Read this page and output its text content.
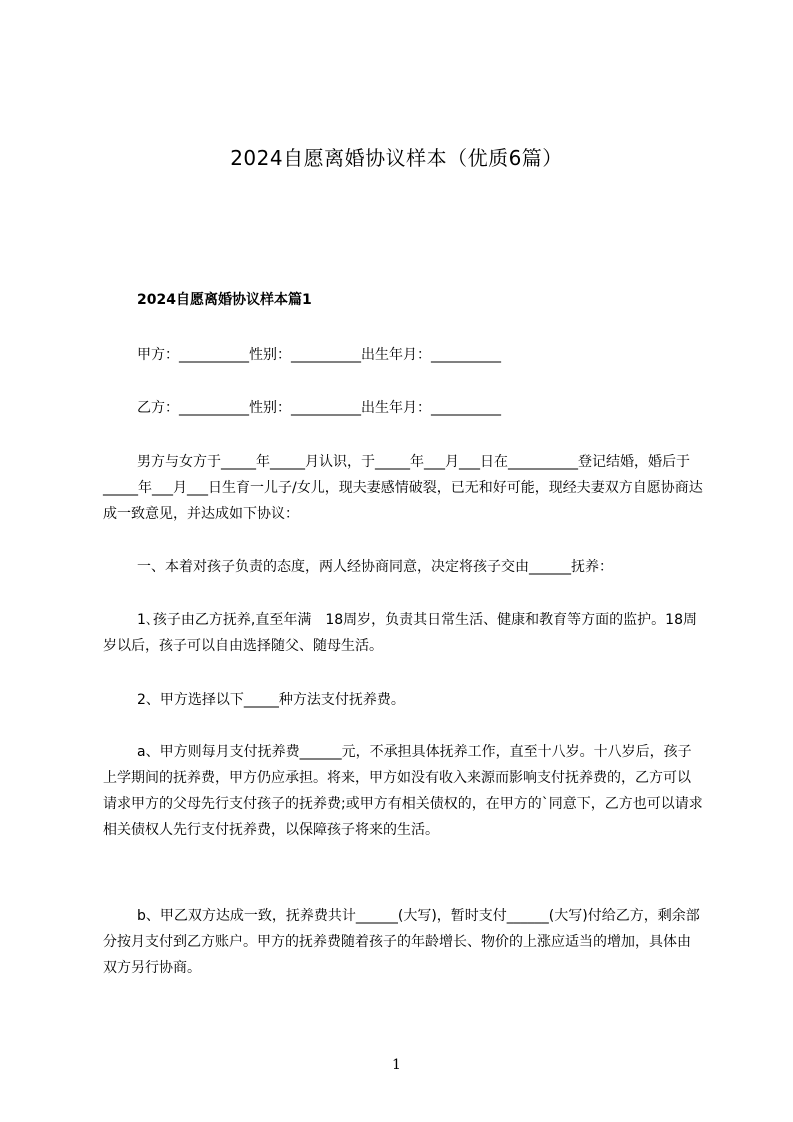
2024自愿离婚协议样本（优质6篇）
2024自愿离婚协议样本篇1
甲方：__________性别：__________出生年月：__________
乙方：__________性别：__________出生年月：__________
男方与女方于_____年_____月认识，于_____年___月___日在__________登记结婚，婚后于_____年___月___日生育一儿子/女儿，现夫妻感情破裂，已无和好可能，现经夫妻双方自愿协商达成一致意见，并达成如下协议：
一、本着对孩子负责的态度，两人经协商同意，决定将孩子交由______抚养：
1､孩子由乙方抚养,直至年满　18周岁，负责其日常生活、健康和教育等方面的监护。18周岁以后，孩子可以自由选择随父、随母生活。
2、甲方选择以下_____种方法支付抚养费。
a、甲方则每月支付抚养费______元，不承担具体抚养工作，直至十八岁。十八岁后，孩子上学期间的抚养费，甲方仍应承担。将来，甲方如没有收入来源而影响支付抚养费的，乙方可以请求甲方的父母先行支付孩子的抚养费;或甲方有相关债权的，在甲方的`同意下，乙方也可以请求相关债权人先行支付抚养费，以保障孩子将来的生活。
b、甲乙双方达成一致，抚养费共计______(大写)，暂时支付______(大写)付给乙方，剩余部分按月支付到乙方账户。甲方的抚养费随着孩子的年龄增长、物价的上涨应适当的增加，具体由双方另行协商。
1
